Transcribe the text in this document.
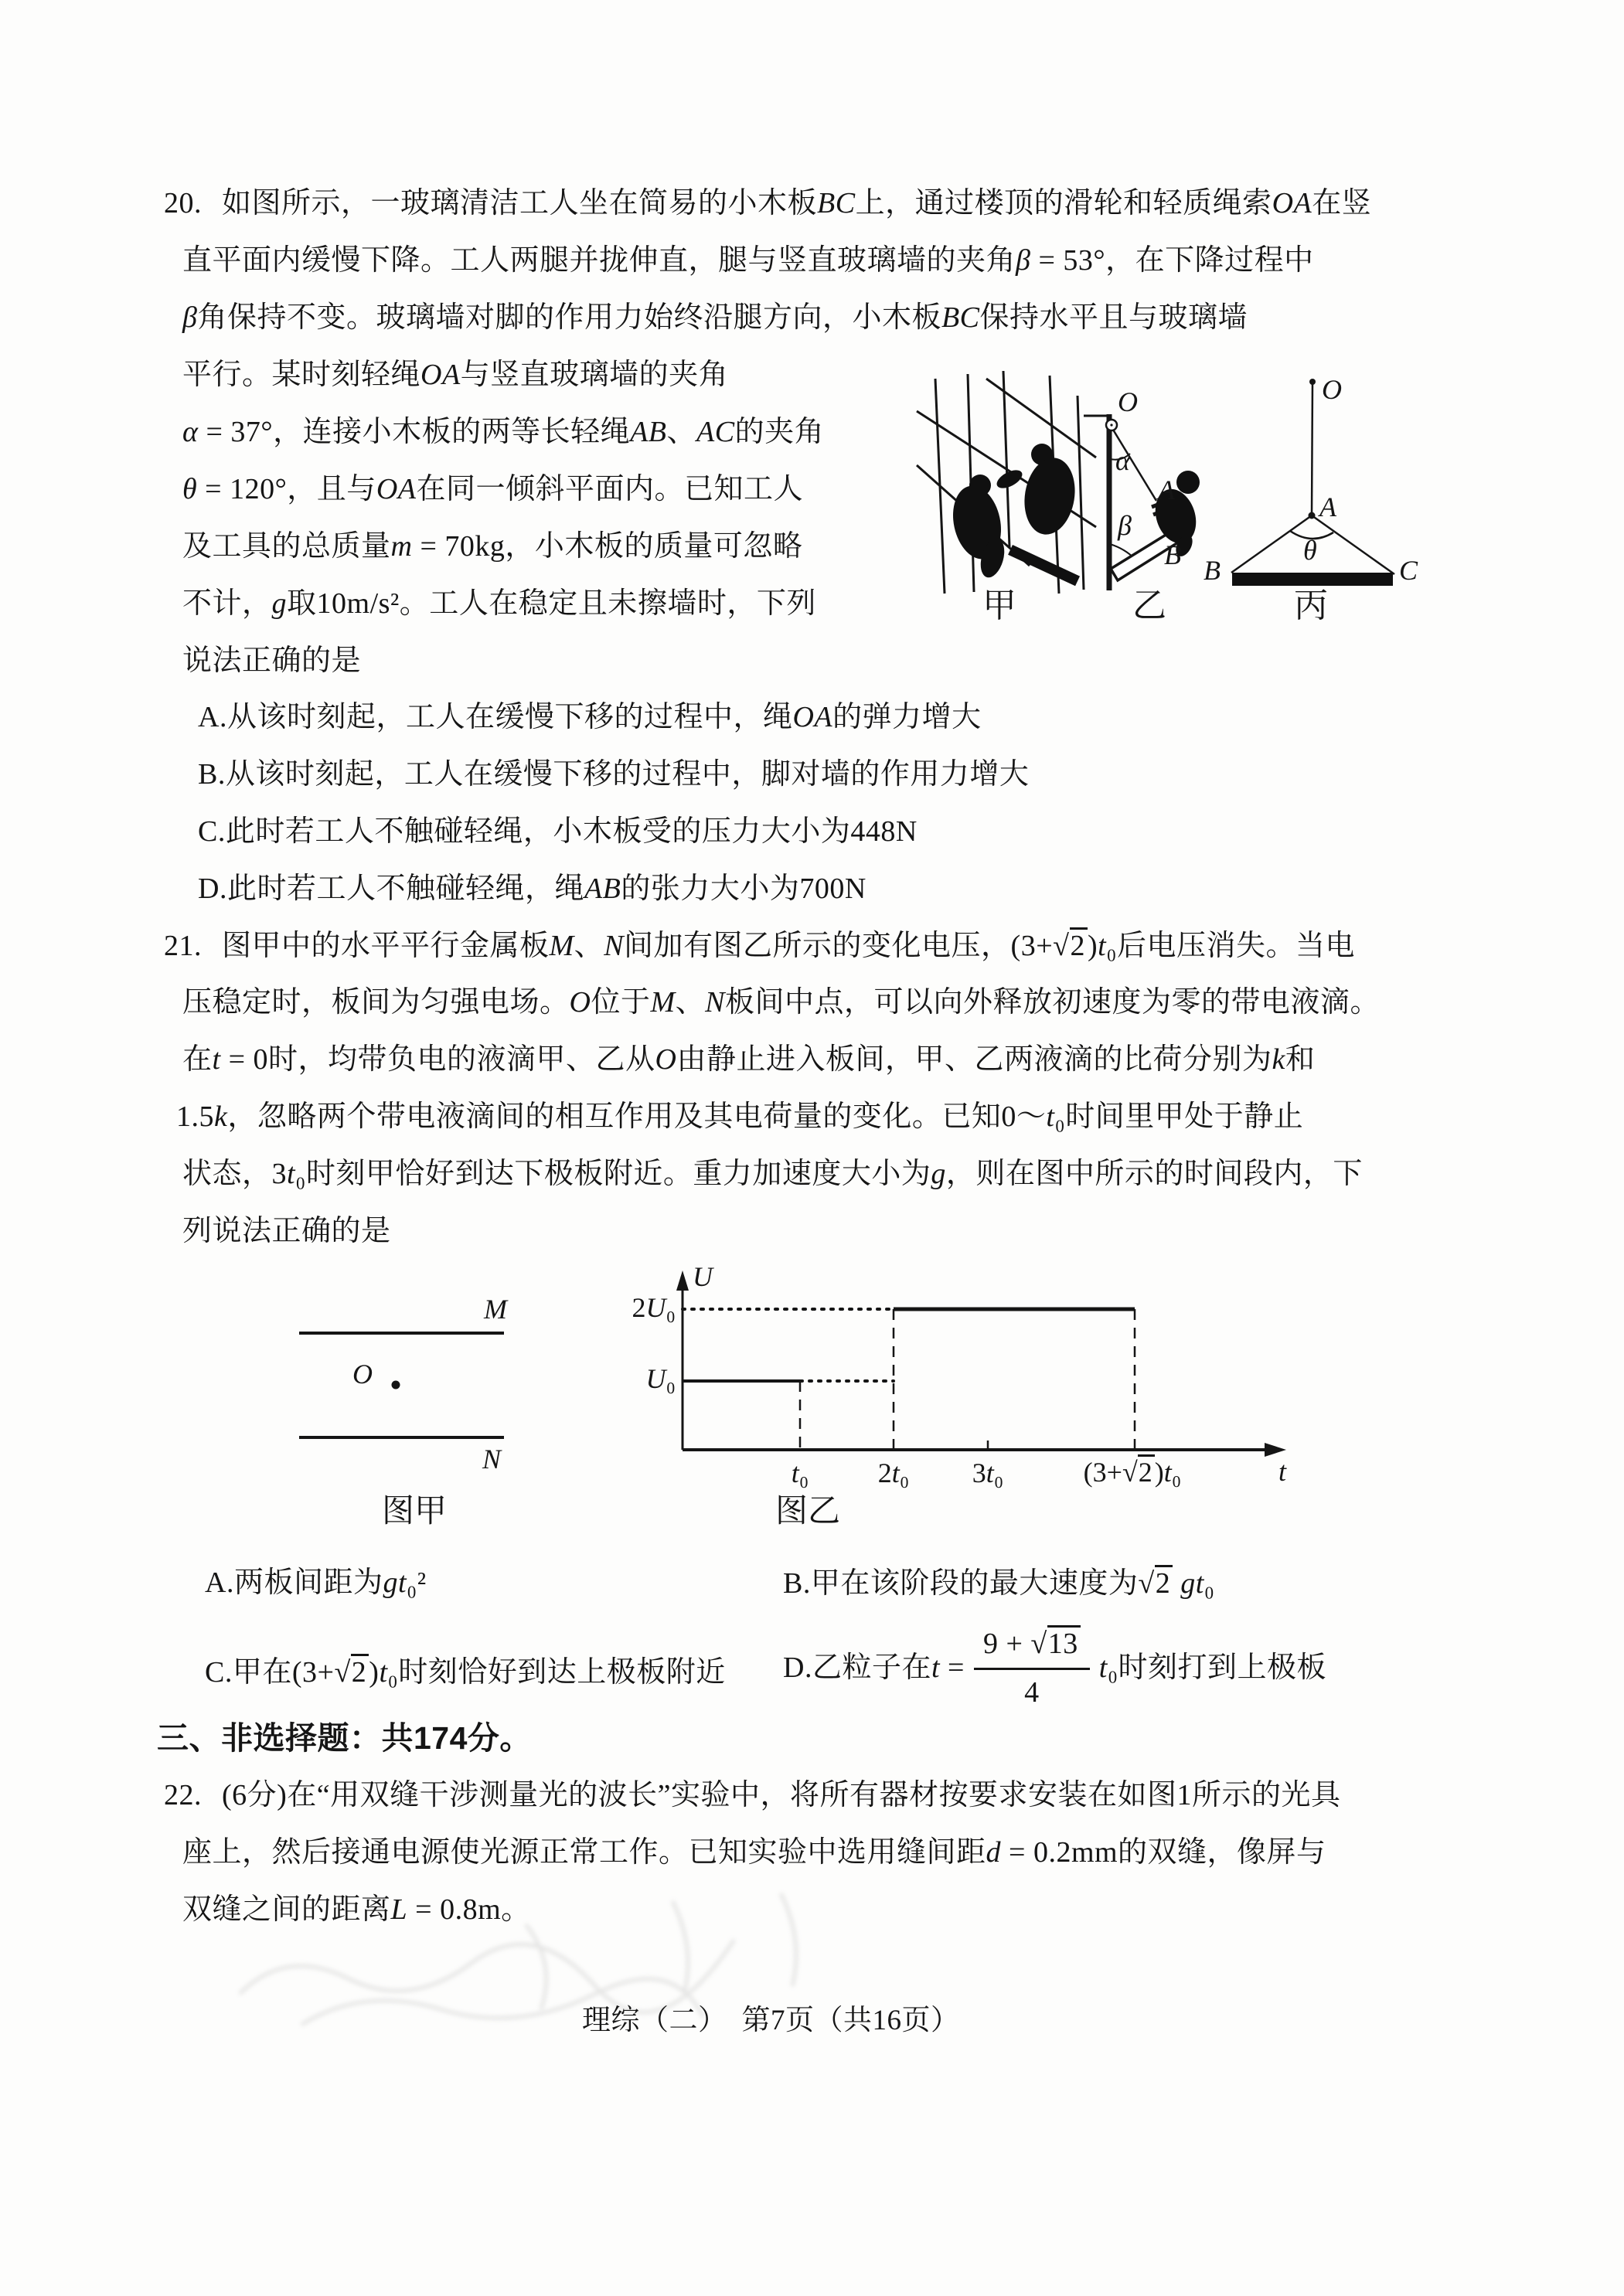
20. 如图所示，一玻璃清洁工人坐在简易的小木板BC上，通过楼顶的滑轮和轻质绳索OA在竖
直平面内缓慢下降。工人两腿并拢伸直，腿与竖直玻璃墙的夹角β = 53°，在下降过程中
β角保持不变。玻璃墙对脚的作用力始终沿腿方向，小木板BC保持水平且与玻璃墙
平行。某时刻轻绳OA与竖直玻璃墙的夹角
α = 37°，连接小木板的两等长轻绳AB、AC的夹角
θ = 120°，且与OA在同一倾斜平面内。已知工人
及工具的总质量m = 70kg，小木板的质量可忽略
不计，g取10m/s²。工人在稳定且未擦墙时，下列
说法正确的是
A.从该时刻起，工人在缓慢下移的过程中，绳OA的弹力增大
B.从该时刻起，工人在缓慢下移的过程中，脚对墙的作用力增大
C.此时若工人不触碰轻绳，小木板受的压力大小为448N
D.此时若工人不触碰轻绳，绳AB的张力大小为700N
甲
O
α
A
β
B
乙
O
A
B	C
θ
丙
21. 图甲中的水平平行金属板M、N间加有图乙所示的变化电压，(3+√2)t₀后电压消失。当电
压稳定时，板间为匀强电场。O位于M、N板间中点，可以向外释放初速度为零的带电液滴。
在t = 0时，均带负电的液滴甲、乙从O由静止进入板间，甲、乙两液滴的比荷分别为k和
1.5k，忽略两个带电液滴间的相互作用及其电荷量的变化。已知0～t₀时间里甲处于静止
状态，3t₀时刻甲恰好到达下极板附近。重力加速度大小为g，则在图中所示的时间段内，下
列说法正确的是
M
N
O
图甲
U
2U₀
U₀
t₀	2t₀	3t₀	(3+√2)t₀	t
图乙
A.两板间距为gt₀²	B.甲在该阶段的最大速度为√2 gt₀
C.甲在(3+√2)t₀时刻恰好到达上极板附近 D.乙粒子在$t = \frac{9 + √13}{4} t_0$时刻打到上极板
三、非选择题：共174分。
22. (6分)在“用双缝干涉测量光的波长”实验中，将所有器材按要求安装在如图1所示的光具
座上，然后接通电源使光源正常工作。已知实验中选用缝间距d = 0.2mm的双缝，像屏与
双缝之间的距离L = 0.8m。
理综（二）　第7页（共16页）
